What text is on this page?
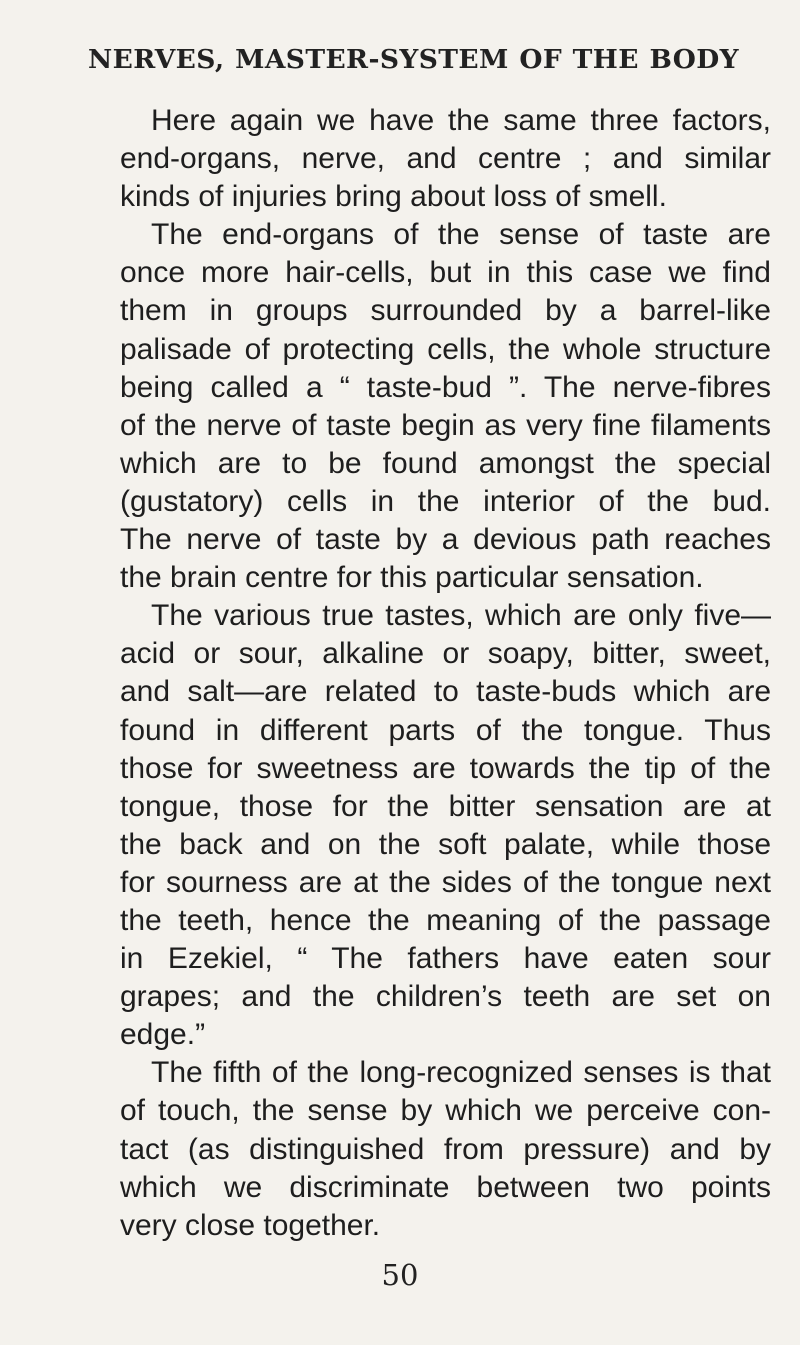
NERVES, MASTER-SYSTEM OF THE BODY

Here again we have the same three factors,
end-organs, nerve, and centre ; and similar
kinds of injuries bring about loss of smell.

The end-organs of the sense of taste are
once more hair-cells, but in this case we find
them in groups surrounded by a barrel-like
palisade of protecting cells, the whole structure
being called a “ taste-bud ”. The nerve-fibres
of the nerve of taste begin as very fine filaments
which are to be found amongst the special
(gustatory) cells in the interior of the bud.
The nerve of taste by a devious path reaches
the brain centre for this particular sensation.

The various true tastes, which are only five—
acid or sour, alkaline or soapy, bitter, sweet,
and salt—are related to taste-buds which are
found in different parts of the tongue. Thus
those for sweetness are towards the tip of the
tongue, those for the bitter sensation are at
the back and on the soft palate, while those
for sourness are at the sides of the tongue next
the teeth, hence the meaning of the passage
in Ezekiel, “ The fathers have eaten sour
grapes; and the children’s teeth are set on
edge.”

The fifth of the long-recognized senses is that
of touch, the sense by which we perceive con-
tact (as distinguished from pressure) and by
which we discriminate between two points
very close together.

50
